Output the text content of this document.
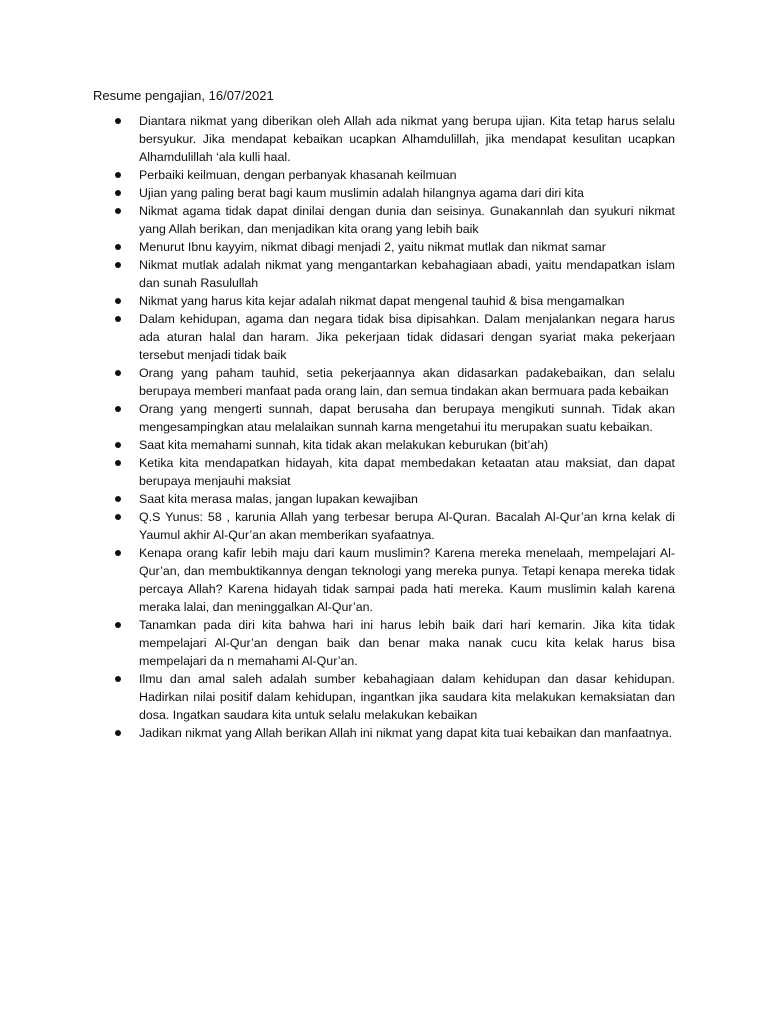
Resume pengajian, 16/07/2021

Diantara nikmat yang diberikan oleh Allah ada nikmat yang berupa ujian. Kita tetap harus selalu bersyukur. Jika mendapat kebaikan ucapkan Alhamdulillah, jika mendapat kesulitan ucapkan Alhamdulillah ‘ala kulli haal.
Perbaiki keilmuan, dengan perbanyak khasanah keilmuan
Ujian yang paling berat bagi kaum muslimin adalah hilangnya agama dari diri kita
Nikmat agama tidak dapat dinilai dengan dunia dan seisinya. Gunakannlah dan syukuri nikmat yang Allah berikan, dan menjadikan kita orang yang lebih baik
Menurut Ibnu kayyim, nikmat dibagi menjadi 2, yaitu nikmat mutlak dan nikmat samar
Nikmat mutlak adalah nikmat yang mengantarkan kebahagiaan abadi, yaitu mendapatkan islam dan sunah Rasulullah
Nikmat yang harus kita kejar adalah nikmat dapat mengenal tauhid & bisa mengamalkan
Dalam kehidupan, agama dan negara tidak bisa dipisahkan. Dalam menjalankan negara harus ada aturan halal dan haram. Jika pekerjaan tidak didasari dengan syariat maka pekerjaan tersebut menjadi tidak baik
Orang yang paham tauhid, setia pekerjaannya akan didasarkan padakebaikan, dan selalu berupaya memberi manfaat pada orang lain, dan semua tindakan akan bermuara pada kebaikan
Orang yang mengerti sunnah, dapat berusaha dan berupaya mengikuti sunnah. Tidak akan mengesampingkan atau melalaikan sunnah karna mengetahui itu merupakan suatu kebaikan.
Saat kita memahami sunnah, kita tidak akan melakukan keburukan (bit’ah)
Ketika kita mendapatkan hidayah, kita dapat membedakan ketaatan atau maksiat, dan dapat berupaya menjauhi maksiat
Saat kita merasa malas, jangan lupakan kewajiban
Q.S Yunus: 58 , karunia Allah yang terbesar berupa Al-Quran. Bacalah Al-Qur’an krna kelak di Yaumul akhir Al-Qur’an akan memberikan syafaatnya.
Kenapa orang kafir lebih maju dari kaum muslimin? Karena mereka menelaah, mempelajari Al-Qur’an, dan membuktikannya dengan teknologi yang mereka punya. Tetapi kenapa mereka tidak percaya Allah? Karena hidayah tidak sampai pada hati mereka. Kaum muslimin kalah karena meraka lalai, dan meninggalkan Al-Qur’an.
Tanamkan pada diri kita bahwa hari ini harus lebih baik dari hari kemarin. Jika kita tidak mempelajari Al-Qur’an dengan baik dan benar maka nanak cucu kita kelak harus bisa mempelajari da n memahami Al-Qur’an.
Ilmu dan amal saleh adalah sumber kebahagiaan dalam kehidupan dan dasar kehidupan. Hadirkan nilai positif dalam kehidupan, ingantkan jika saudara kita melakukan kemaksiatan dan dosa. Ingatkan saudara kita untuk selalu melakukan kebaikan
Jadikan nikmat yang Allah berikan Allah ini nikmat yang dapat kita tuai kebaikan dan manfaatnya.
